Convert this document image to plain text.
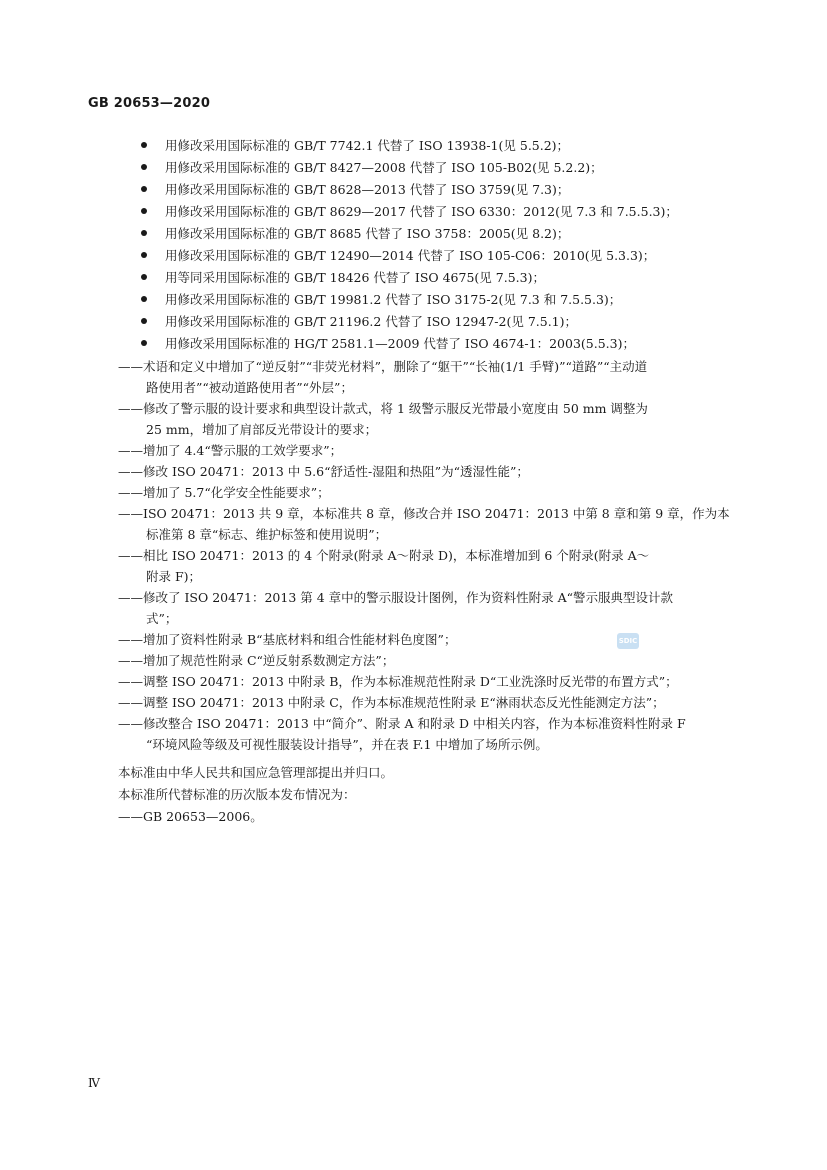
GB 20653—2020
用修改采用国际标准的 GB/T 7742.1 代替了 ISO 13938-1(见 5.5.2)；
用修改采用国际标准的 GB/T 8427—2008 代替了 ISO 105-B02(见 5.2.2)；
用修改采用国际标准的 GB/T 8628—2013 代替了 ISO 3759(见 7.3)；
用修改采用国际标准的 GB/T 8629—2017 代替了 ISO 6330：2012(见 7.3 和 7.5.5.3)；
用修改采用国际标准的 GB/T 8685 代替了 ISO 3758：2005(见 8.2)；
用修改采用国际标准的 GB/T 12490—2014 代替了 ISO 105-C06：2010(见 5.3.3)；
用等同采用国际标准的 GB/T 18426 代替了 ISO 4675(见 7.5.3)；
用修改采用国际标准的 GB/T 19981.2 代替了 ISO 3175-2(见 7.3 和 7.5.5.3)；
用修改采用国际标准的 GB/T 21196.2 代替了 ISO 12947-2(见 7.5.1)；
用修改采用国际标准的 HG/T 2581.1—2009 代替了 ISO 4674-1：2003(5.5.3)；
——术语和定义中增加了“逆反射”“非荧光材料”，删除了“躯干”“长袖(1/1 手臂)”“道路”“主动道
路使用者”“被动道路使用者”“外层”；
——修改了警示服的设计要求和典型设计款式，将 1 级警示服反光带最小宽度由 50 mm 调整为
25 mm，增加了肩部反光带设计的要求；
——增加了 4.4“警示服的工效学要求”；
——修改 ISO 20471：2013 中 5.6“舒适性-湿阻和热阻”为“透湿性能”；
——增加了 5.7“化学安全性能要求”；
——ISO 20471：2013 共 9 章，本标准共 8 章，修改合并 ISO 20471：2013 中第 8 章和第 9 章，作为本
标准第 8 章“标志、维护标签和使用说明”；
——相比 ISO 20471：2013 的 4 个附录(附录 A～附录 D)，本标准增加到 6 个附录(附录 A～
附录 F)；
——修改了 ISO 20471：2013 第 4 章中的警示服设计图例，作为资料性附录 A“警示服典型设计款
式”；
——增加了资料性附录 B“基底材料和组合性能材料色度图”；
——增加了规范性附录 C“逆反射系数测定方法”；
——调整 ISO 20471：2013 中附录 B，作为本标准规范性附录 D“工业洗涤时反光带的布置方式”；
——调整 ISO 20471：2013 中附录 C，作为本标准规范性附录 E“淋雨状态反光性能测定方法”；
——修改整合 ISO 20471：2013 中“简介”、附录 A 和附录 D 中相关内容，作为本标准资料性附录 F
“环境风险等级及可视性服装设计指导”，并在表 F.1 中增加了场所示例。
本标准由中华人民共和国应急管理部提出并归口。
本标准所代替标准的历次版本发布情况为：
——GB 20653—2006。
SDIC
Ⅳ
